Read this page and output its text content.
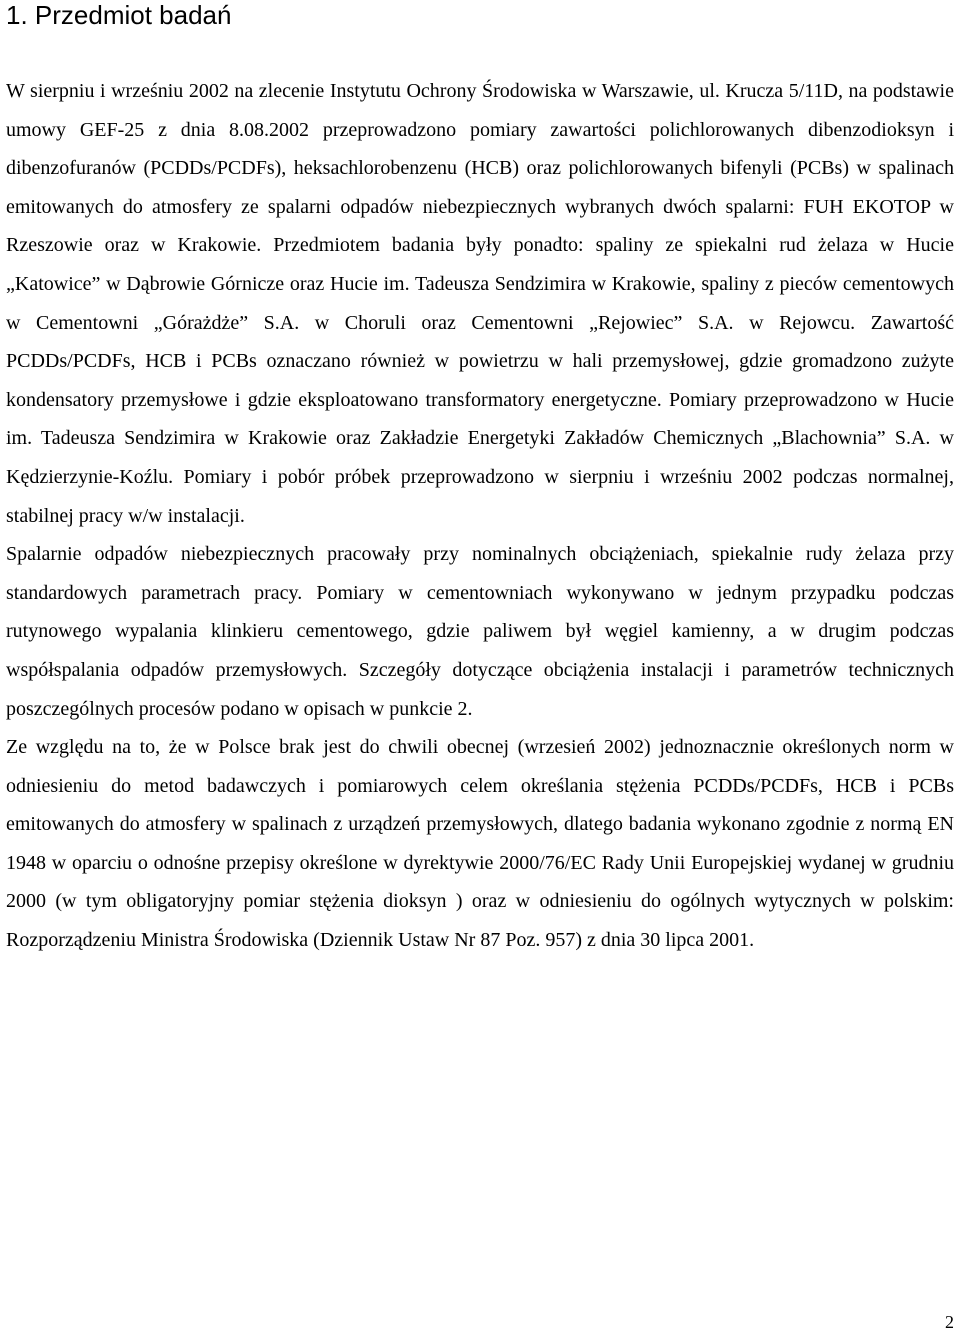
1. Przedmiot badań

W sierpniu i wrześniu 2002 na zlecenie Instytutu Ochrony Środowiska w Warszawie, ul. Krucza 5/11D, na podstawie umowy GEF-25 z dnia 8.08.2002 przeprowadzono pomiary zawartości polichlorowanych dibenzodioksyn i dibenzofuranów (PCDDs/PCDFs), heksachlorobenzenu (HCB) oraz polichlorowanych bifenyli (PCBs) w spalinach emitowanych do atmosfery ze spalarni odpadów niebezpiecznych wybranych dwóch spalarni: FUH EKOTOP w Rzeszowie oraz w Krakowie. Przedmiotem badania były ponadto: spaliny ze spiekalni rud żelaza w Hucie „Katowice” w Dąbrowie Górnicze oraz Hucie im. Tadeusza Sendzimira w Krakowie, spaliny z pieców cementowych w Cementowni „Górażdże” S.A. w Choruli oraz Cementowni „Rejowiec” S.A. w Rejowcu. Zawartość PCDDs/PCDFs, HCB i PCBs oznaczano również w powietrzu w hali przemysłowej, gdzie gromadzono zużyte kondensatory przemysłowe i gdzie eksploatowano transformatory energetyczne. Pomiary przeprowadzono w Hucie im. Tadeusza Sendzimira w Krakowie oraz Zakładzie Energetyki Zakładów Chemicznych „Blachownia” S.A. w Kędzierzynie-Koźlu. Pomiary i pobór próbek przeprowadzono w sierpniu i wrześniu 2002 podczas normalnej, stabilnej pracy w/w instalacji.

Spalarnie odpadów niebezpiecznych pracowały przy nominalnych obciążeniach, spiekalnie rudy żelaza przy standardowych parametrach pracy. Pomiary w cementowniach wykonywano w jednym przypadku podczas rutynowego wypalania klinkieru cementowego, gdzie paliwem był węgiel kamienny, a w drugim podczas współspalania odpadów przemysłowych. Szczegóły dotyczące obciążenia instalacji i parametrów technicznych poszczególnych procesów podano w opisach w punkcie 2.

Ze względu na to, że w Polsce brak jest do chwili obecnej (wrzesień 2002) jednoznacznie określonych norm w odniesieniu do metod badawczych i pomiarowych celem określania stężenia PCDDs/PCDFs, HCB i PCBs emitowanych do atmosfery w spalinach z urządzeń przemysłowych, dlatego badania wykonano zgodnie z normą EN 1948 w oparciu o odnośne przepisy określone w dyrektywie 2000/76/EC Rady Unii Europejskiej wydanej w grudniu 2000 (w tym obligatoryjny pomiar stężenia dioksyn ) oraz w odniesieniu do ogólnych wytycznych w polskim: Rozporządzeniu Ministra Środowiska (Dziennik Ustaw Nr 87 Poz. 957) z dnia 30 lipca 2001.

2
